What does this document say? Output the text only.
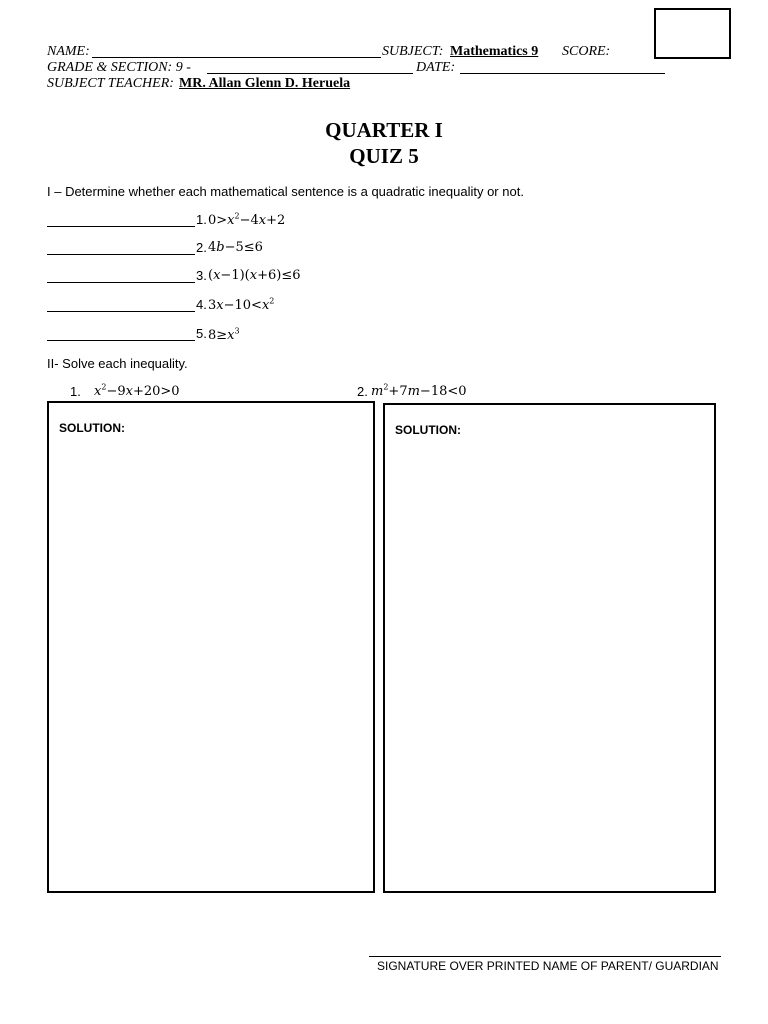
NAME:	SUBJECT: Mathematics 9 SCORE:
GRADE & SECTION: 9 -	DATE:
SUBJECT TEACHER: MR. Allan Glenn D. Heruela
QUARTER I
QUIZ 5
I – Determine whether each mathematical sentence is a quadratic inequality or not.
1. $0>x^2-4x+2$
2. 4b−5≤6
3. (x−1)(x+6)≤6
4. $3x-10<x^2$
5. $8\ge x^3$
II- Solve each inequality.
1. $x^2-9x+20>0$	2. $m^2+7m-18<0$
SOLUTION:	SOLUTION:
SIGNATURE OVER PRINTED NAME OF PARENT/ GUARDIAN
